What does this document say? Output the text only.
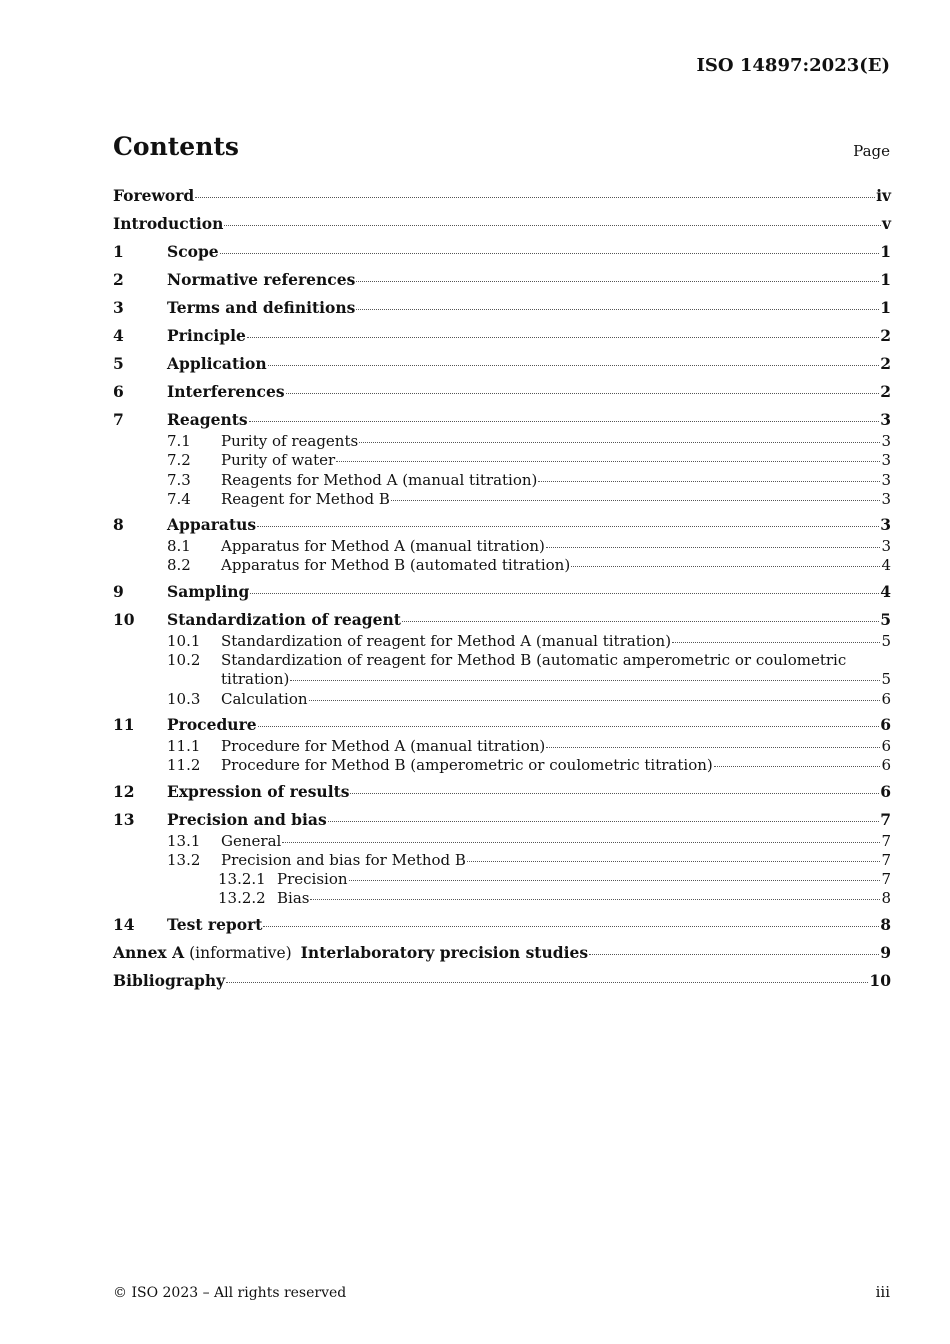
ISO 14897:2023(E)
Contents	Page
Foreword	iv
Introduction	v
1	Scope	1
2	Normative references	1
3	Terms and definitions	1
4	Principle	2
5	Application	2
6	Interferences	2
7	Reagents	3
7.1	Purity of reagents	3
7.2	Purity of water	3
7.3	Reagents for Method A (manual titration)	3
7.4	Reagent for Method B	3
8	Apparatus	3
8.1	Apparatus for Method A (manual titration)	3
8.2	Apparatus for Method B (automated titration)	4
9	Sampling	4
10	Standardization of reagent	5
10.1	Standardization of reagent for Method A (manual titration)	5
10.2	Standardization of reagent for Method B (automatic amperometric or coulometric
titration)	5
10.3	Calculation	6
11	Procedure	6
11.1	Procedure for Method A (manual titration)	6
11.2	Procedure for Method B (amperometric or coulometric titration)	6
12	Expression of results	6
13	Precision and bias	7
13.1	General	7
13.2	Precision and bias for Method B	7
13.2.1 Precision	7
13.2.2 Bias	8
14	Test report	8
Annex A (informative) Interlaboratory precision studies	9
Bibliography	10
© ISO 2023 – All rights reserved	iii
